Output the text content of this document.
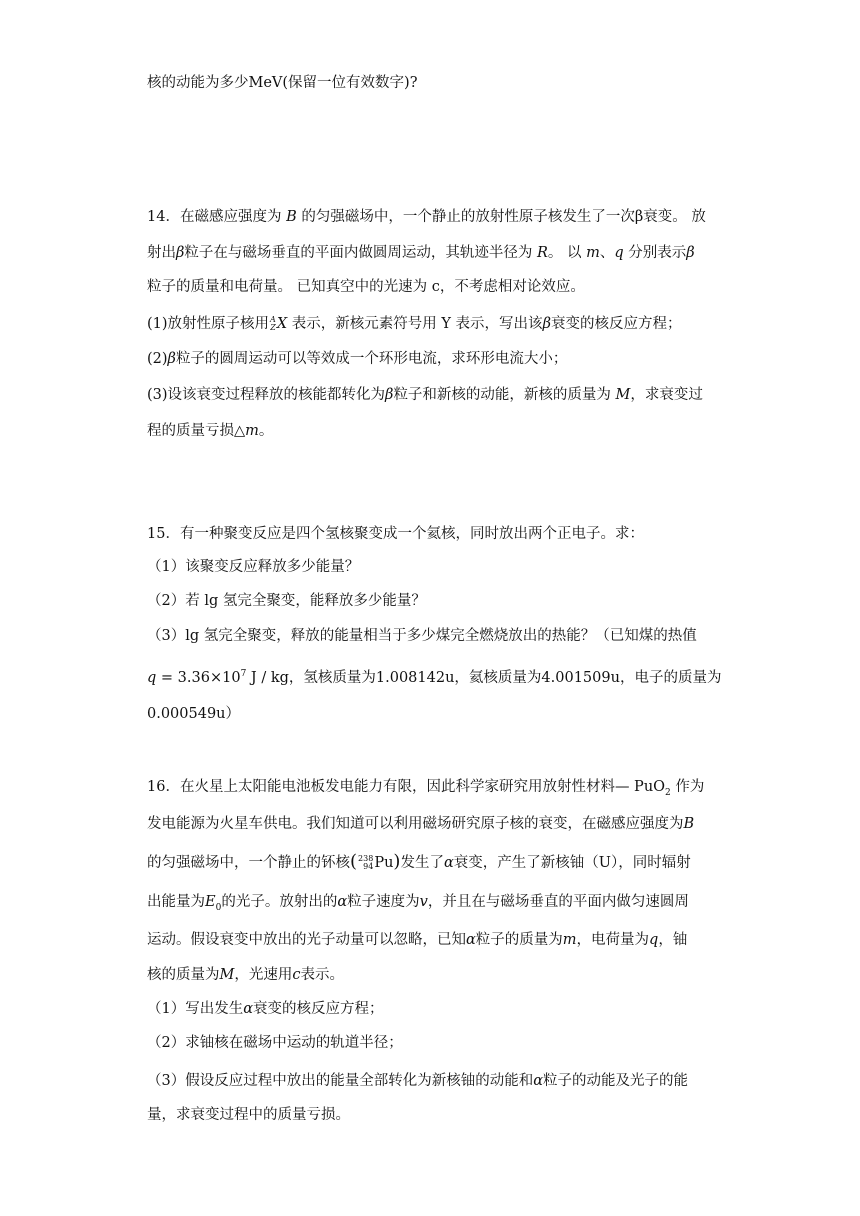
核的动能为多少MeV(保留一位有效数字)?
14．在磁感应强度为 B 的匀强磁场中，一个静止的放射性原子核发生了一次β衰变。 放
射出β粒子在与磁场垂直的平面内做圆周运动，其轨迹半径为 R。 以 m、q 分别表示β
粒子的质量和电荷量。 已知真空中的光速为 c，不考虑相对论效应。
(1)放射性原子核用 A
Z X 表示，新核元素符号用 Y 表示，写出该β衰变的核反应方程；
(2)β粒子的圆周运动可以等效成一个环形电流，求环形电流大小；
(3)设该衰变过程释放的核能都转化为β粒子和新核的动能，新核的质量为 M，求衰变过
程的质量亏损△m。
15．有一种聚变反应是四个氢核聚变成一个氦核，同时放出两个正电子。求：
（1）该聚变反应释放多少能量？
（2）若 lg 氢完全聚变，能释放多少能量？
（3）lg 氢完全聚变，释放的能量相当于多少煤完全燃烧放出的热能？（已知煤的热值
$q = 3.36\times 10^7$ J / kg，氢核质量为1.008142u，氦核质量为4.001509u，电子的质量为
0.000549u）
16．在火星上太阳能电池板发电能力有限，因此科学家研究用放射性材料— PuO$_2$ 作为
发电能源为火星车供电。我们知道可以利用磁场研究原子核的衰变，在磁感应强度为B
的匀强磁场中，一个静止的钚核( 238
94 Pu)发生了α衰变，产生了新核铀（U），同时辐射
出能量为$E_0$的光子。放射出的α粒子速度为v，并且在与磁场垂直的平面内做匀速圆周
运动。假设衰变中放出的光子动量可以忽略，已知α粒子的质量为m，电荷量为q，铀
核的质量为M，光速用c表示。
（1）写出发生α衰变的核反应方程；
（2）求铀核在磁场中运动的轨道半径；
（3）假设反应过程中放出的能量全部转化为新核铀的动能和α粒子的动能及光子的能
量，求衰变过程中的质量亏损。
